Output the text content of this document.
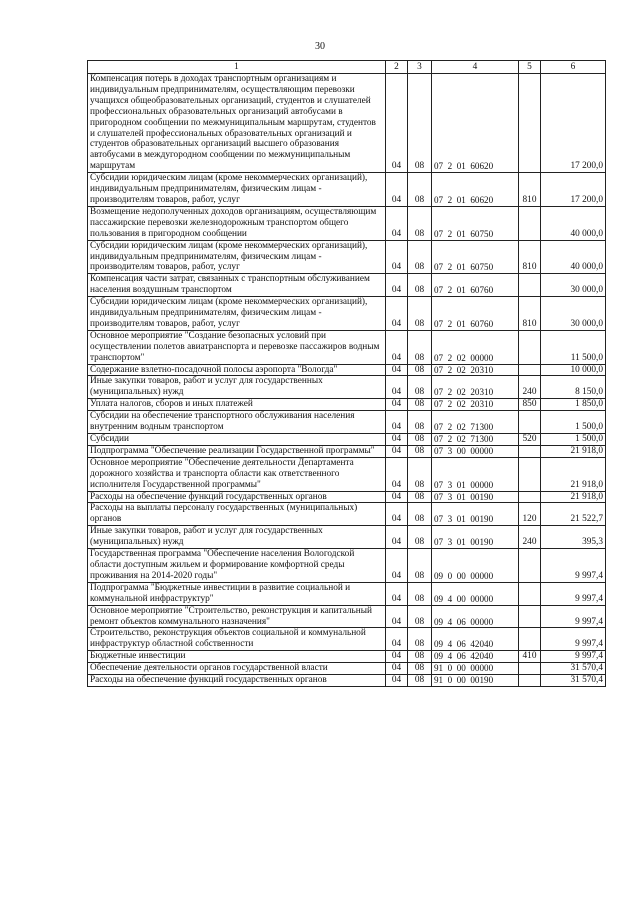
30
1	2	3	4	5	6
Компенсация потерь в доходах транспортным организациям и индивидуальным предпринимателям, осуществляющим перевозки учащихся общеобразовательных организаций, студентов и слушателей профессиональных образовательных организаций автобусами в пригородном сообщении по межмуниципальным маршрутам, студентов и слушателей профессиональных образовательных организаций и студентов образовательных организаций высшего образования автобусами в междугородном сообщении по межмуниципальным маршрутам	04	08	07  2  01  60620		17 200,0
Субсидии юридическим лицам (кроме некоммерческих организаций), индивидуальным предпринимателям, физическим лицам - производителям товаров, работ, услуг	04	08	07  2  01  60620	810	17 200,0
Возмещение недополученных доходов организациям, осуществляющим пассажирские перевозки железнодорожным транспортом общего пользования в пригородном сообщении	04	08	07  2  01  60750		40 000,0
Субсидии юридическим лицам (кроме некоммерческих организаций), индивидуальным предпринимателям, физическим лицам - производителям товаров, работ, услуг	04	08	07  2  01  60750	810	40 000,0
Компенсация части затрат, связанных с транспортным обслуживанием населения воздушным транспортом	04	08	07  2  01  60760		30 000,0
Субсидии юридическим лицам (кроме некоммерческих организаций), индивидуальным предпринимателям, физическим лицам - производителям товаров, работ, услуг	04	08	07  2  01  60760	810	30 000,0
Основное мероприятие "Создание безопасных условий при осуществлении полетов авиатранспорта и перевозке пассажиров водным транспортом"	04	08	07  2  02  00000		11 500,0
Содержание взлетно-посадочной полосы аэропорта "Вологда"	04	08	07  2  02  20310		10 000,0
Иные закупки товаров, работ и услуг для государственных (муниципальных) нужд	04	08	07  2  02  20310	240	8 150,0
Уплата налогов, сборов и иных платежей	04	08	07  2  02  20310	850	1 850,0
Субсидии на обеспечение транспортного обслуживания населения внутренним водным транспортом	04	08	07  2  02  71300		1 500,0
Субсидии	04	08	07  2  02  71300	520	1 500,0
Подпрограмма "Обеспечение реализации Государственной программы"	04	08	07  3  00  00000		21 918,0
Основное мероприятие "Обеспечение деятельности Департамента дорожного хозяйства и транспорта области как ответственного исполнителя Государственной программы"	04	08	07  3  01  00000		21 918,0
Расходы на обеспечение функций государственных органов	04	08	07  3  01  00190		21 918,0
Расходы на выплаты персоналу государственных (муниципальных) органов	04	08	07  3  01  00190	120	21 522,7
Иные закупки товаров, работ и услуг для государственных (муниципальных) нужд	04	08	07  3  01  00190	240	395,3
Государственная программа "Обеспечение населения Вологодской области доступным жильем и формирование комфортной среды проживания на 2014-2020 годы"	04	08	09  0  00  00000		9 997,4
Подпрограмма "Бюджетные инвестиции в развитие социальной и коммунальной инфраструктур"	04	08	09  4  00  00000		9 997,4
Основное мероприятие "Строительство, реконструкция и капитальный ремонт объектов коммунального назначения"	04	08	09  4  06  00000		9 997,4
Строительство, реконструкция объектов социальной и коммунальной инфраструктур областной собственности	04	08	09  4  06  42040		9 997,4
Бюджетные инвестиции	04	08	09  4  06  42040	410	9 997,4
Обеспечение деятельности органов государственной власти	04	08	91  0  00  00000		31 570,4
Расходы на обеспечение функций государственных органов	04	08	91  0  00  00190		31 570,4
